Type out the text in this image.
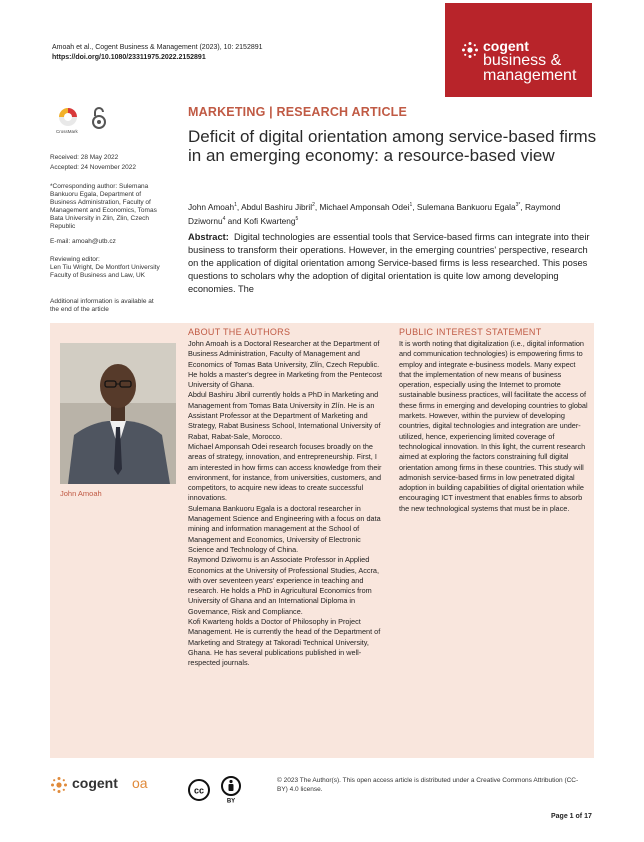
Amoah et al., Cogent Business & Management (2023), 10: 2152891
https://doi.org/10.1080/23311975.2022.2152891
cogent
business &
management
CrossMark
Received: 28 May 2022
Accepted: 24 November 2022
*Corresponding author: Sulemana Bankuoru Egala, Department of Business Administration, Faculty of Management and Economics, Tomas Bata University in Zlin, Zlin, Czech Republic
E-mail: amoah@utb.cz
Reviewing editor:
Len Tiu Wright, De Montfort University Faculty of Business and Law, UK
Additional information is available at the end of the article
MARKETING | RESEARCH ARTICLE
Deficit of digital orientation among service-based firms in an emerging economy: a resource-based view
John Amoah$^1$, Abdul Bashiru Jibril$^2$, Michael Amponsah Odei$^1$, Sulemana Bankuoru Egala$^{3*}$, Raymond Dziwornu$^4$ and Kofi Kwarteng$^5$
Abstract: Digital technologies are essential tools that Service-based firms can integrate into their business to transform their operations. However, in the emerging countries' perspective, research on the application of digital orientation among Service-based firms is less researched. This poses questions to scholars why the adoption of digital orientation is quite low among developing economies. The
ABOUT THE AUTHORS	PUBLIC INTEREST STATEMENT
John Amoah

John Amoah is a Doctoral Researcher at the Department of Business Administration, Faculty of Management and Economics of Tomas Bata University, Zlín, Czech Republic. He holds a master's degree in Marketing from the Pentecost University of Ghana.

Abdul Bashiru Jibril currently holds a PhD in Marketing and Management from Tomas Bata University in Zlín. He is an Assistant Professor at the Department of Marketing and Strategy, Rabat Business School, International University of Rabat, Rabat-Sale, Morocco.

Michael Amponsah Odei research focuses broadly on the areas of strategy, innovation, and entrepreneurship. First, I am interested in how firms can access knowledge from their environment, for instance, from universities, customers, and competitors, to acquire new ideas to create successful innovations.

Sulemana Bankuoru Egala is a doctoral researcher in Management Science and Engineering with a focus on data mining and information management at the School of Management and Economics, University of Electronic Science and Technology of China.

Raymond Dziwornu is an Associate Professor in Applied Economics at the University of Professional Studies, Accra, with over seventeen years' experience in teaching and research. He holds a PhD in Agricultural Economics from University of Ghana and an International Diploma in Governance, Risk and Compliance.

Kofi Kwarteng holds a Doctor of Philosophy in Project Management. He is currently the head of the Department of Marketing and Strategy at Takoradi Technical University, Ghana. He has several publications published in well-respected journals.

It is worth noting that digitalization (i.e., digital information and communication technologies) is empowering firms to employ and integrate e-business models. Many expect that the implementation of new means of business operation, especially using the Internet to promote sustainable business practices, will facilitate the access of these firms in emerging and developing countries to global markets. However, within the purview of developing countries, digital technologies and integration are under-utilized, hence, experiencing limited coverage of technological innovation. In this light, the current research aimed at exploring the factors constraining full digital orientation among firms in these countries. This study will admonish service-based firms in low penetrated digital adoption in building capabilities of digital orientation while encouraging ICT investment that enables firms to absorb the new technological systems that must be in place.
cogent oa	cc
BY
© 2023 The Author(s). This open access article is distributed under a Creative Commons Attribution (CC-BY) 4.0 license.
Page 1 of 17
